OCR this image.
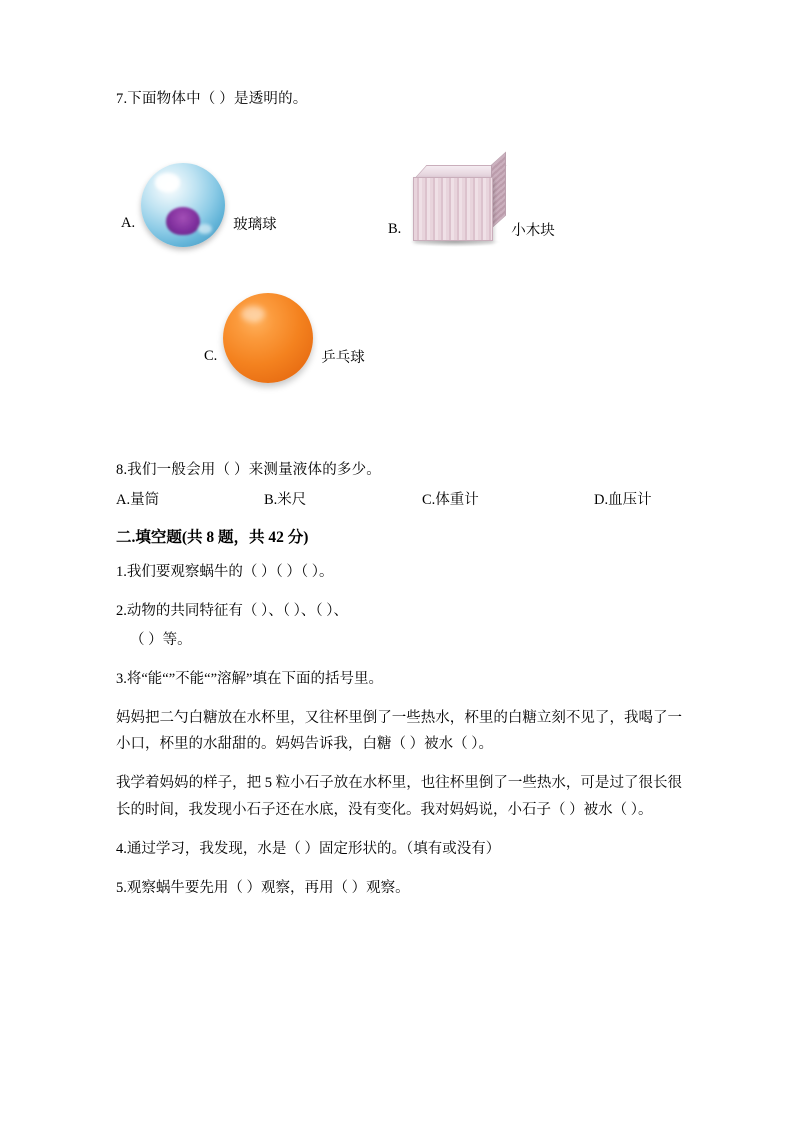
7.下面物体中（ ）是透明的。
A.	玻璃球	B.	小木块
C.	乒乓球
8.我们一般会用（ ）来测量液体的多少。
A.量筒	B.米尺	C.体重计	D.血压计
二.填空题(共 8 题，共 42 分)
1.我们要观察蜗牛的（ ）（ ）（ ）。
2.动物的共同特征有（ ）、（ ）、（ ）、
（ ）等。
3.将“能“”不能“”溶解”填在下面的括号里。
妈妈把二勺白糖放在水杯里，又往杯里倒了一些热水，杯里的白糖立刻不见了，我喝了一小口，杯里的水甜甜的。妈妈告诉我，白糖（ ）被水（ ）。
我学着妈妈的样子，把 5 粒小石子放在水杯里，也往杯里倒了一些热水，可是过了很长很长的时间，我发现小石子还在水底，没有变化。我对妈妈说，小石子（ ）被水（ ）。
4.通过学习，我发现，水是（ ）固定形状的。（填有或没有）
5.观察蜗牛要先用（ ）观察，再用（ ）观察。
